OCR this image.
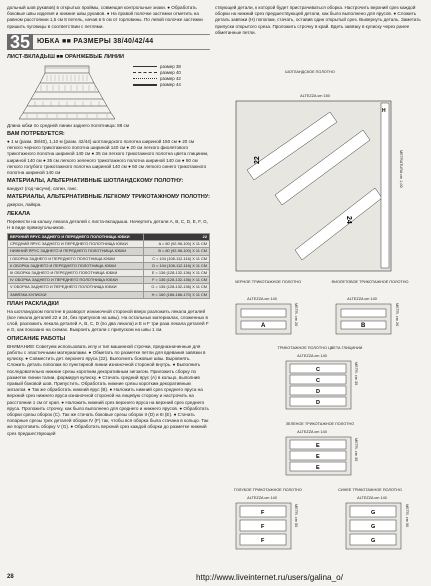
дольный шов рукавов) в открытых проймы, совмещая контрольные знаки. ● Обработать боковые швы изделия и нижние швы рукавов. ● На правой полочке застежки отметить на равном расстоянии 1,5 см 8 петель, начав в 5 см от горловины. По левой полочке застежки пришить пуговицы в соответствии с петлями.

35	ЮБКА ■■ РАЗМЕРЫ 38/40/42/44
ЛИСТ-ВКЛАДЫШ ■■ ОРАНЖЕВЫЕ ЛИНИИ
размер 38
размер 40
размер 42
размер 44

Длина юбки по средней линии заднего полотнища: 88 см

ВАМ ПОТРЕБУЕТСЯ:

● 1 м (разм. 38/40), 1,10 м (разм. 42/44) шотландского полотна шириной 150 см ● 20 см легкого черного трикотажного полотна шириной 140 см ● 20 см легкого фиолетового трикотажного полотна шириной 140 см ● 35 см легкого трикотажного полотна цвета глицинии, шириной 140 см ● 35 см легкого зеленого трикотажного полотна шириной 140 см ● 50 см легкого голубого трикотажного полотна шириной 140 см ● 50 см легкого синего трикотажного полотна шириной 140 см

МАТЕРИАЛЫ, АЛЬТЕРНАТИВНЫЕ ШОТЛАНДСКОМУ ПОЛОТНУ:

вандукт (год часучи), сатин, ганс.

МАТЕРИАЛЫ, АЛЬТЕРНАТИВНЫЕ ЛЕГКОМУ ТРИКОТАЖНОМУ ПОЛОТНУ:

джерси, лайкра.

ЛЕКАЛА

Перевести на кальку лекала деталей с листа-вкладыша. Начертить детали A, B, C, D, E, F, G, H в виде прямоугольников.

ВЕРХНИЙ ЯРУС ЗАДНЕГО И ПЕРЕДНЕГО ПОЛОТНИЩА ЮБКИ	22
СРЕДНИЙ ЯРУС ЗАДНЕГО И ПЕРЕДНЕГО ПОЛОТНИЩА ЮБКИ	A = 80 (92-96-100) X 11 СМ
НИЖНИЙ ЯРУС ЗАДНЕГО И ПЕРЕДНЕГО ПОЛОТНИЩА ЮБКИ	B = 80 (92-96-100) X 11 СМ
I ОБОРКА ЗАДНЕГО И ПЕРЕДНЕГО ПОЛОТНИЩА ЮБКИ	C = 104 (108-112-116) X 11 СМ
II ОБОРКА ЗАДНЕГО И ПЕРЕДНЕГО ПОЛОТНИЩА ЮБКИ	D = 104 (108-112-116) X 11 СМ
III ОБОРКА ЗАДНЕГО И ПЕРЕДНЕГО ПОЛОТНИЩА ЮБКИ	E = 136 (128-132-136) X 11 СМ
IV ОБОРКА ЗАДНЕГО И ПЕРЕДНЕГО ПОЛОТНИЩА ЮБКИ	F = 136 (128-132-136) X 11 СМ
V ОБОРКА ЗАДНЕГО И ПЕРЕДНЕГО ПОЛОТНИЩА ЮБКИ	G = 136 (128-132-136) X 11 СМ
ЗАВЯЗКА КУЛИСКИ	H = 160 (166-166-170) X 11 СМ
ПЛАН РАСКЛАДКИ

На шотландском полотне в разворот изнаночной стороной вверх разложить лекала деталей (все лекала деталей 22 и 24, без припусков на швы). На остальных материалах, сложенных в слой, разложить лекала деталей A, B, C, D (по два лекала) и E и F три раза лекала деталей F и G, как показано на схемах. Выкроить детали с припуском на швы 1 см.

ОПИСАНИЕ РАБОТЫ

ВНИМАНИЕ! Советуем использовать иглу и тип машинной строчки, предназначенные для работы с эластичными материалами. ● Обметать по разметке петли для вдевания завязки в кулиску. ● Совместить дет. верхнего яруса (22). Выполнить боковые швы. Выровнять. Сложить деталь пополам по пунктирной линии изнаночной стороной внутрь. ● Выполнить последовательно нижние срезы коротким декоративным зигзагом. Приложить сборку по разметке линии талии, формируя кулиску. ● Стачать средний ярус (A) в кольцо, выполнив правый боковой шов. Припустить. Обработать нижние срезы коротким декоративным зигзагом. ● Так же обработать нижний ярус (B). ● Наложить нижний срез среднего яруса на верхний срез нижнего яруса изнаночной стороной на лицевую сторону и настрочить на расстоянии 1 см от края. ● Наложить нижний срез верхнего яруса на верхний срез среднего яруса. Проложить строчку, как было выполнено для среднего и нижнего ярусов. ● Обработать оборки срезы оборок (C). Так же стачать боковые срезы оборок II (D) и III (E). ● Стачать попарные срезы трех деталей оборки IV (F) так, чтобы вся оборка была стачана в кольцо. Так же подготовить оборку V (G). ● Обработать верхний срез каждой оборки до разметке нижний срез предшествующей

ствующей детали, к которой будет пристрачиваться оборка. Настрочить верхний срез каждой оборки на нижний срез предшествующей детали, как было выполнено для ярусов. ● Сложить деталь завязки (H) пополам, стачать, оставив один открытый срез. Вывернуть деталь. Заметать припуски открытого среза. Проложить строчку в край. Вдеть завязку в кулиску через ранее обметанные петли.

ШОТЛАНДСКОЕ ПОЛОТНО
ALTEZZA cm 150
22
24
H
METRATURA cm 1,00
ЧЕРНОЕ ТРИКОТАЖНОЕ ПОЛОТНО	ФИОЛЕТОВОЕ ТРИКОТАЖНОЕ ПОЛОТНО
ALTEZZA cm 140
A	METR. cm 20
ALTEZZA cm 140
B	METR. cm 20
ТРИКОТАЖНОЕ ПОЛОТНО ЦВЕТА ГЛИЦИНИИ
ALTEZZA cm 140
C
C
D
D
METR. cm 35
ЗЕЛЕНОЕ ТРИКОТАЖНОЕ ПОЛОТНО
ALTEZZA cm 140
E
E
E
METR. cm 35
ГОЛУБОЕ ТРИКОТАЖНОЕ ПОЛОТНО	СИНЕЕ ТРИКОТАЖНОЕ ПОЛОТНО
ALTEZZA cm 140
F
F
F
METR. cm 50
ALTEZZA cm 140
G
G
G
METR. cm 50
28	http://www.liveinternet.ru/users/galina_o/
